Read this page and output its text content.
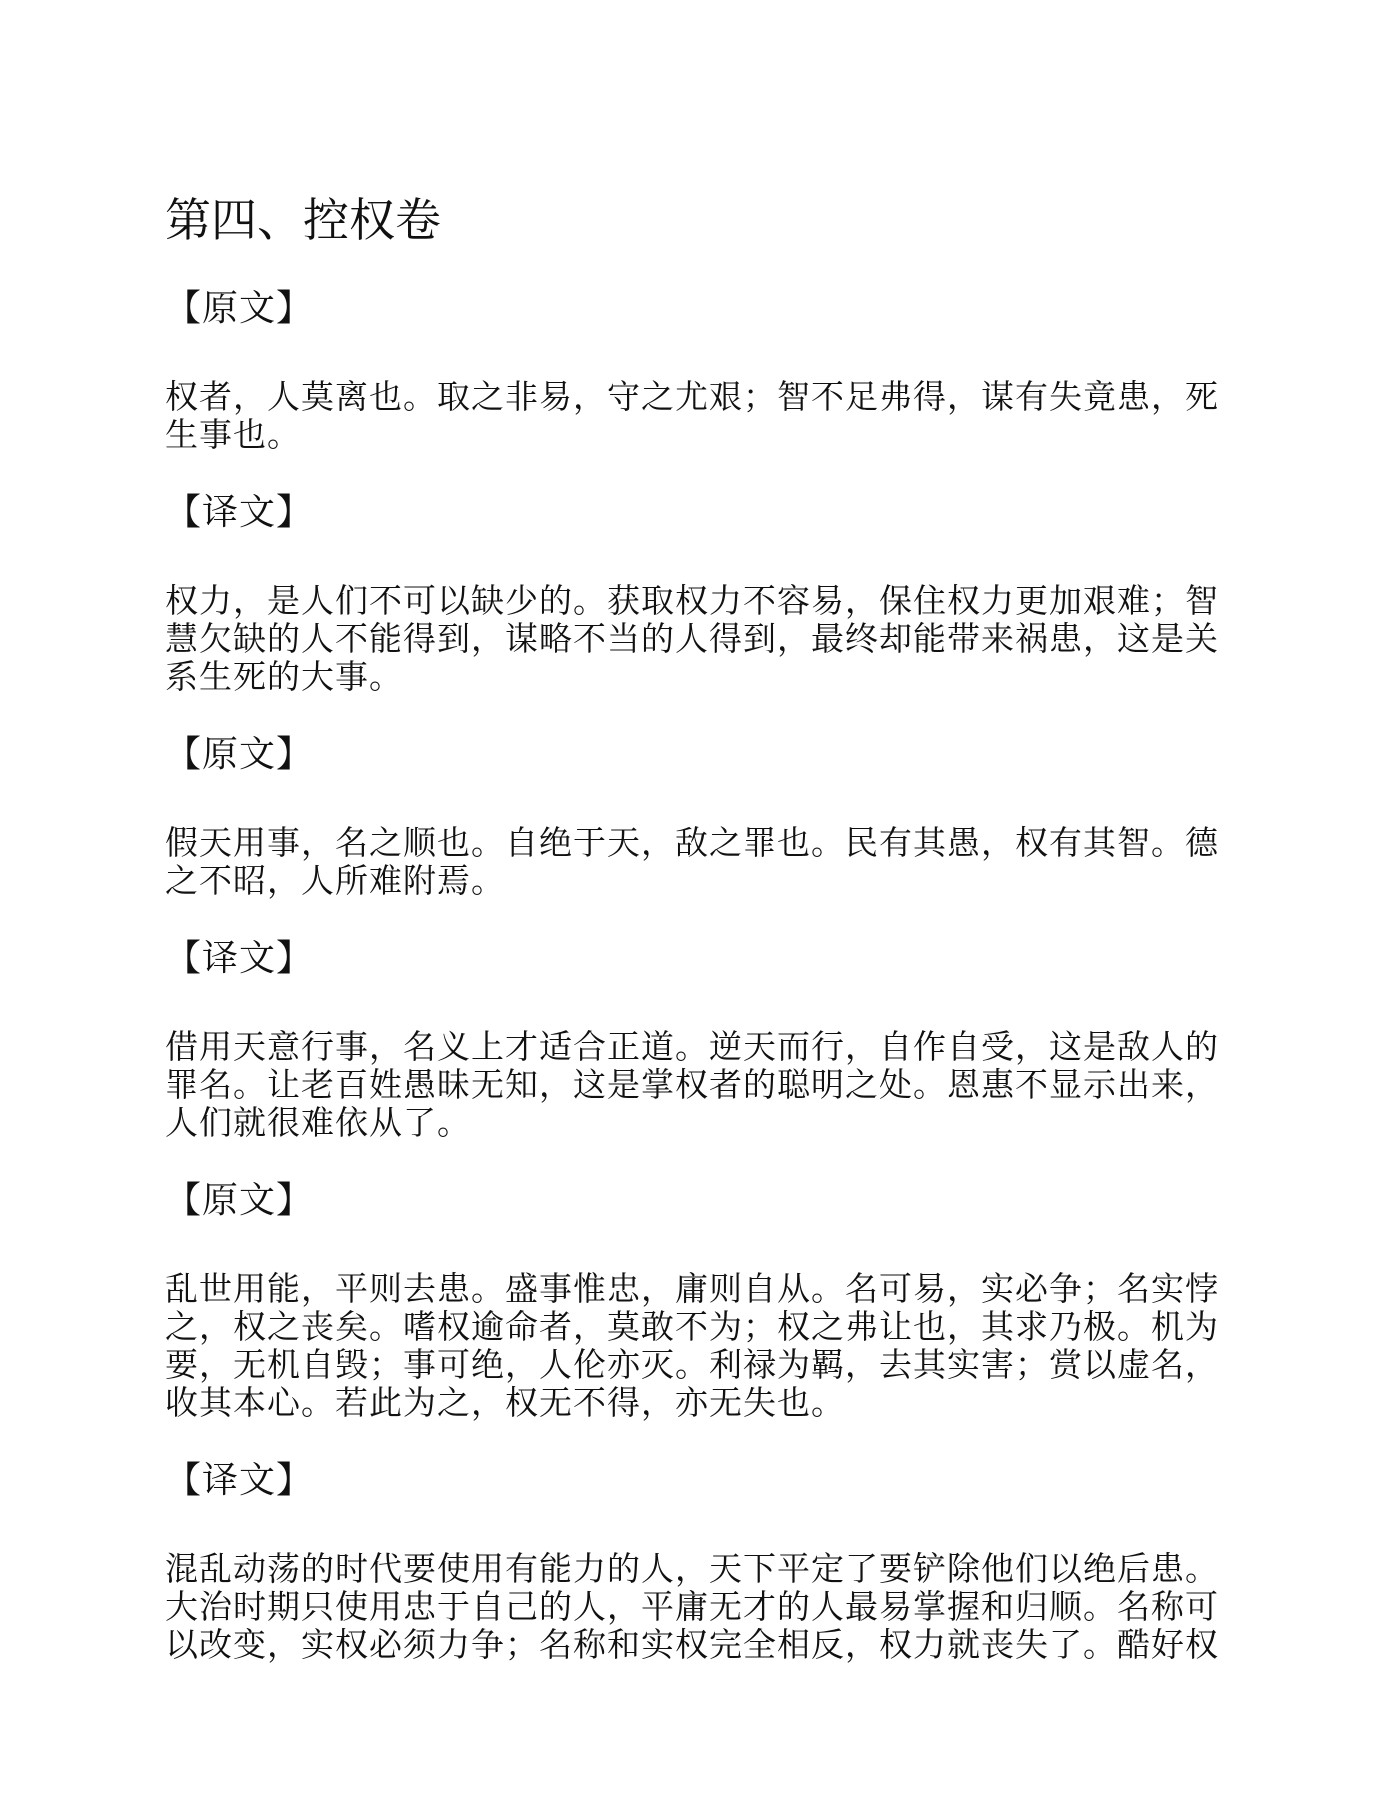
第四、控权卷

【原文】

权者，人莫离也。取之非易，守之尤艰；智不足弗得，谋有失竟患，死
生事也。

【译文】

权力，是人们不可以缺少的。获取权力不容易，保住权力更加艰难；智
慧欠缺的人不能得到，谋略不当的人得到，最终却能带来祸患，这是关
系生死的大事。

【原文】

假天用事，名之顺也。自绝于天，敌之罪也。民有其愚，权有其智。德
之不昭，人所难附焉。

【译文】

借用天意行事，名义上才适合正道。逆天而行，自作自受，这是敌人的
罪名。让老百姓愚昧无知，这是掌权者的聪明之处。恩惠不显示出来，
人们就很难依从了。

【原文】

乱世用能，平则去患。盛事惟忠，庸则自从。名可易，实必争；名实悖
之，权之丧矣。嗜权逾命者，莫敢不为；权之弗让也，其求乃极。机为
要，无机自毁；事可绝，人伦亦灭。利禄为羁，去其实害；赏以虚名，
收其本心。若此为之，权无不得，亦无失也。

【译文】

混乱动荡的时代要使用有能力的人，天下平定了要铲除他们以绝后患。
大治时期只使用忠于自己的人，平庸无才的人最易掌握和归顺。名称可
以改变，实权必须力争；名称和实权完全相反，权力就丧失了。酷好权
